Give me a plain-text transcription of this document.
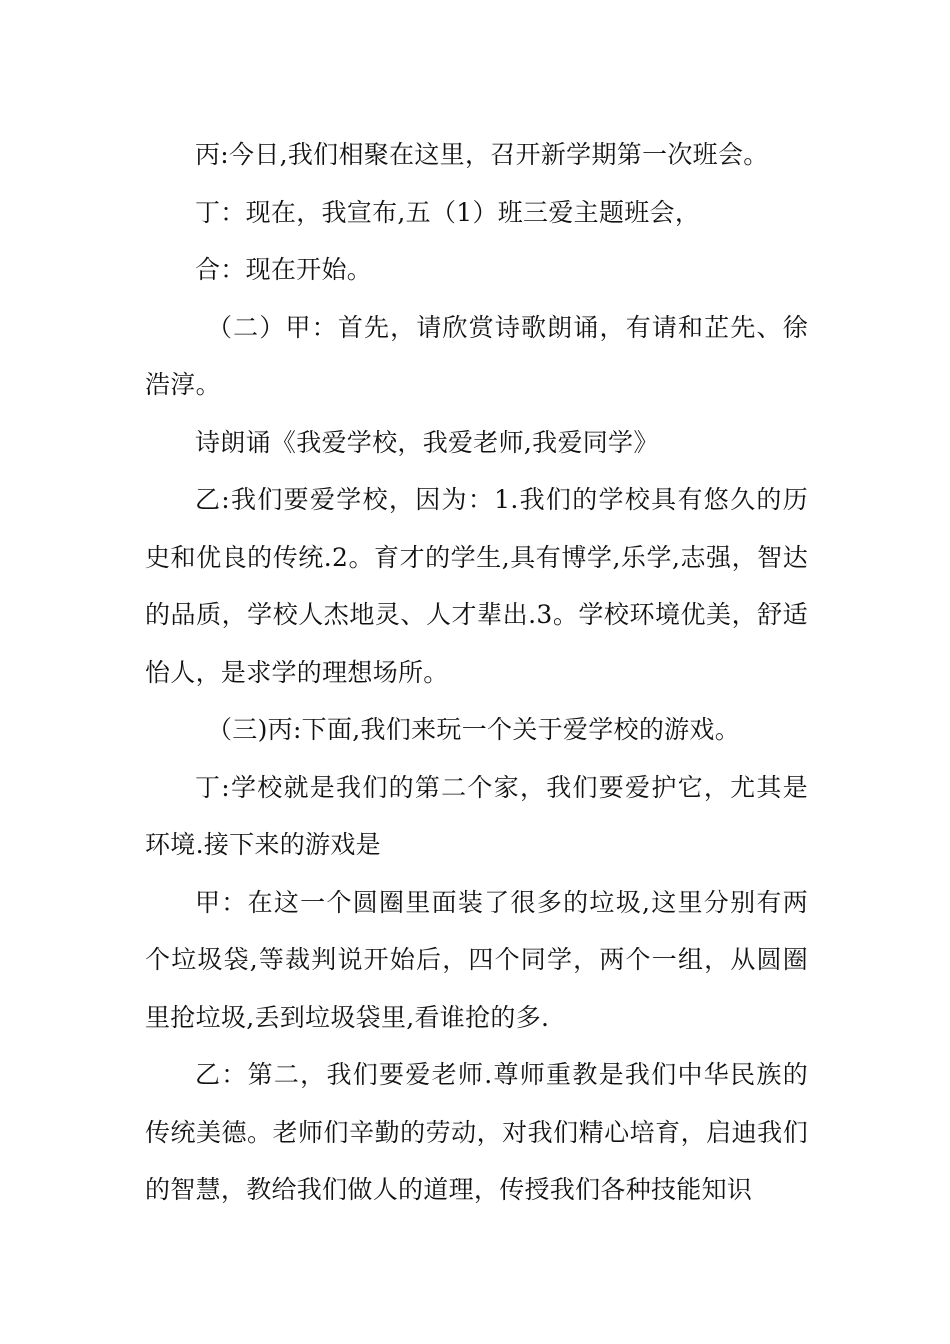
丙:今日,我们相聚在这里，召开新学期第一次班会。

丁：现在，我宣布,五（1）班三爱主题班会，

合：现在开始。

（二）甲：首先，请欣赏诗歌朗诵，有请和芷先、徐浩淳。

诗朗诵《我爱学校，我爱老师,我爱同学》

乙:我们要爱学校，因为：1.我们的学校具有悠久的历史和优良的传统.2。育才的学生,具有博学,乐学,志强，智达的品质，学校人杰地灵、人才辈出.3。学校环境优美，舒适怡人，是求学的理想场所。

（三)丙:下面,我们来玩一个关于爱学校的游戏。

丁:学校就是我们的第二个家，我们要爱护它，尤其是环境.接下来的游戏是

甲：在这一个圆圈里面装了很多的垃圾,这里分别有两个垃圾袋,等裁判说开始后，四个同学，两个一组，从圆圈里抢垃圾,丢到垃圾袋里,看谁抢的多.

乙：第二，我们要爱老师.尊师重教是我们中华民族的传统美德。老师们辛勤的劳动，对我们精心培育，启迪我们的智慧，教给我们做人的道理，传授我们各种技能知识
